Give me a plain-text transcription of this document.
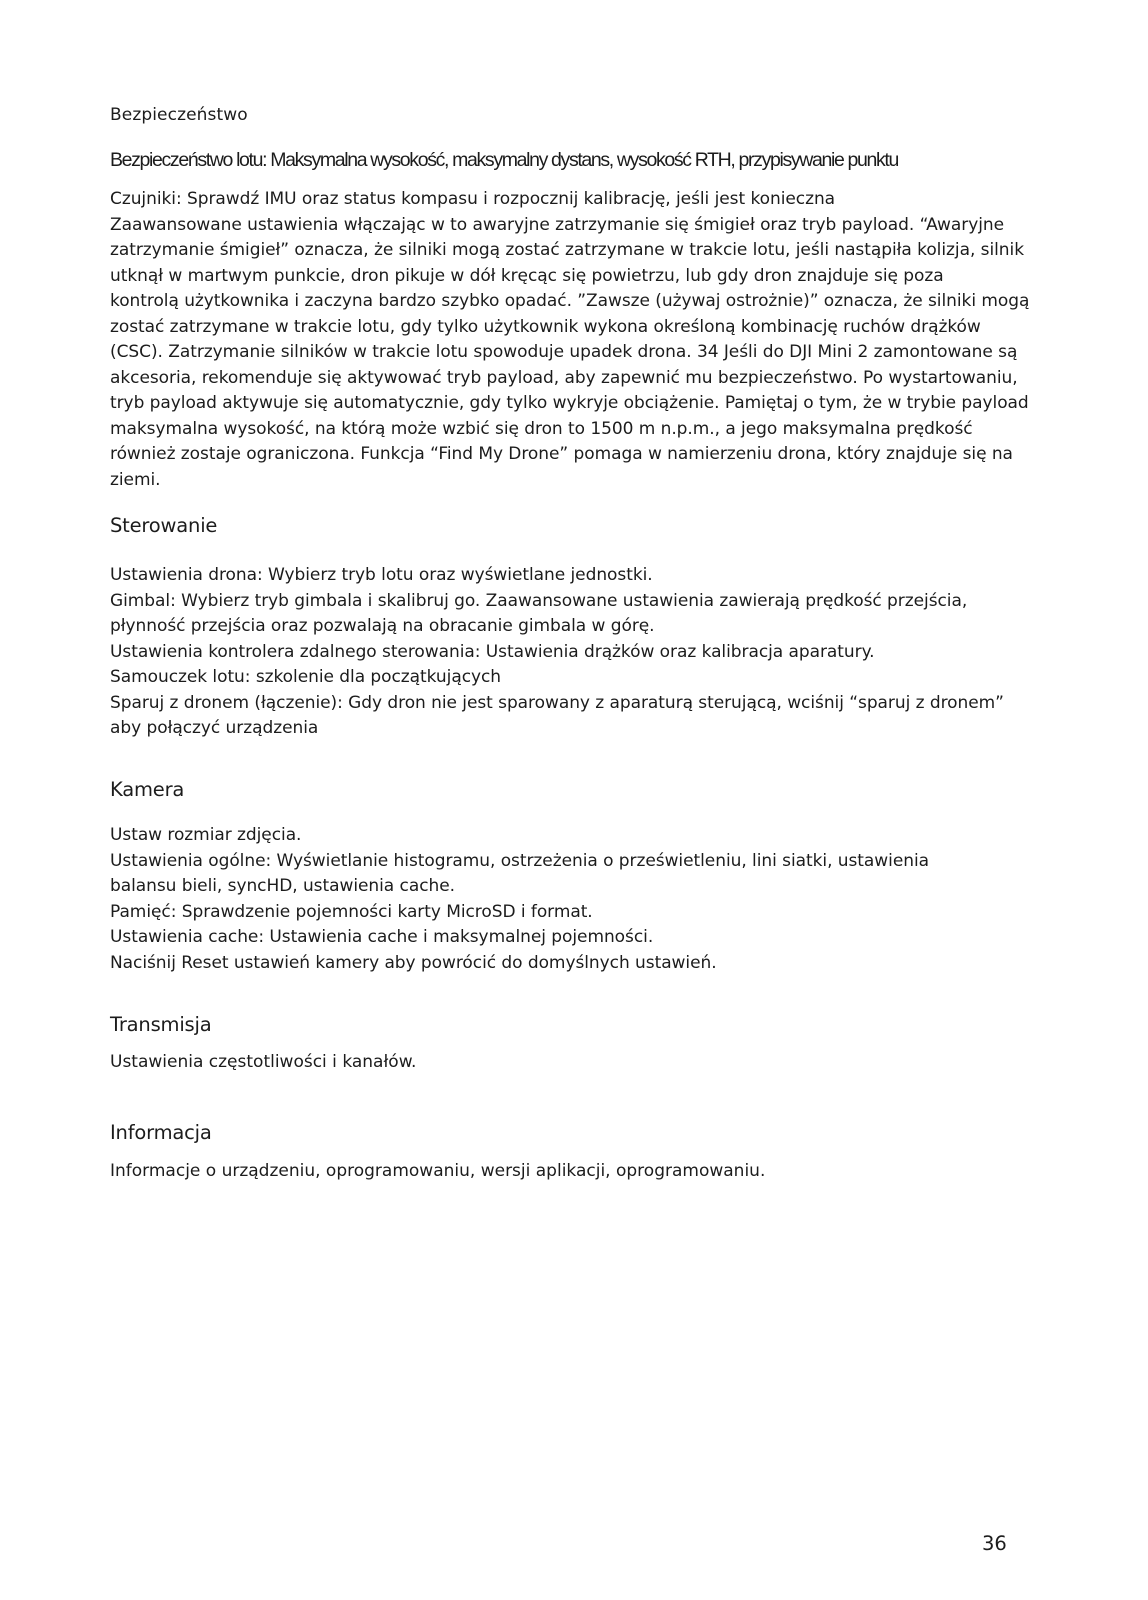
Bezpieczeństwo
Bezpieczeństwo lotu: Maksymalna wysokość, maksymalny dystans, wysokość RTH, przypisywanie punktu
Czujniki: Sprawdź IMU oraz status kompasu i rozpocznij kalibrację, jeśli jest konieczna
Zaawansowane ustawienia włączając w to awaryjne zatrzymanie się śmigieł oraz tryb payload. “Awaryjne
zatrzymanie śmigieł” oznacza, że silniki mogą zostać zatrzymane w trakcie lotu, jeśli nastąpiła kolizja, silnik
utknął w martwym punkcie, dron pikuje w dół kręcąc się powietrzu, lub gdy dron znajduje się poza
kontrolą użytkownika i zaczyna bardzo szybko opadać. ”Zawsze (używaj ostrożnie)” oznacza, że silniki mogą
zostać zatrzymane w trakcie lotu, gdy tylko użytkownik wykona określoną kombinację ruchów drążków
(CSC). Zatrzymanie silników w trakcie lotu spowoduje upadek drona. 34 Jeśli do DJI Mini 2 zamontowane są
akcesoria, rekomenduje się aktywować tryb payload, aby zapewnić mu bezpieczeństwo. Po wystartowaniu,
tryb payload aktywuje się automatycznie, gdy tylko wykryje obciążenie. Pamiętaj o tym, że w trybie payload
maksymalna wysokość, na którą może wzbić się dron to 1500 m n.p.m., a jego maksymalna prędkość
również zostaje ograniczona. Funkcja “Find My Drone” pomaga w namierzeniu drona, który znajduje się na
ziemi.
Sterowanie
Ustawienia drona: Wybierz tryb lotu oraz wyświetlane jednostki.
Gimbal: Wybierz tryb gimbala i skalibruj go. Zaawansowane ustawienia zawierają prędkość przejścia,
płynność przejścia oraz pozwalają na obracanie gimbala w górę.
Ustawienia kontrolera zdalnego sterowania: Ustawienia drążków oraz kalibracja aparatury.
Samouczek lotu: szkolenie dla początkujących
Sparuj z dronem (łączenie): Gdy dron nie jest sparowany z aparaturą sterującą, wciśnij “sparuj z dronem”
aby połączyć urządzenia
Kamera
Ustaw rozmiar zdjęcia.
Ustawienia ogólne: Wyświetlanie histogramu, ostrzeżenia o prześwietleniu, lini siatki, ustawienia
balansu bieli, syncHD, ustawienia cache.
Pamięć: Sprawdzenie pojemności karty MicroSD i format.
Ustawienia cache: Ustawienia cache i maksymalnej pojemności.
Naciśnij Reset ustawień kamery aby powrócić do domyślnych ustawień.
Transmisja
Ustawienia częstotliwości i kanałów.
Informacja
Informacje o urządzeniu, oprogramowaniu, wersji aplikacji, oprogramowaniu.
36
